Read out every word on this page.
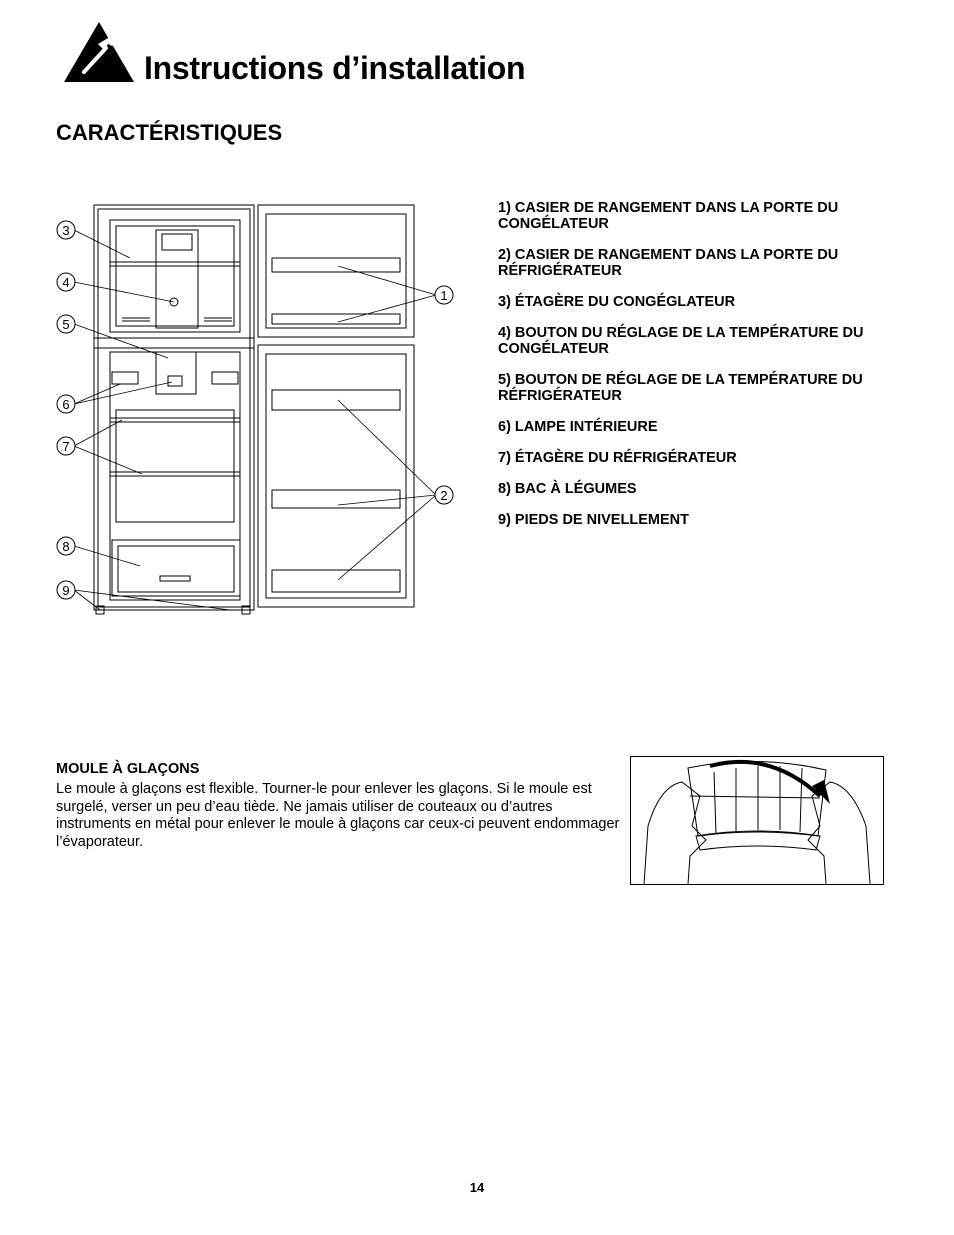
Instructions d’installation
CARACTÉRISTIQUES
3
4
5
6
7
8
9
1
2
1) CASIER DE RANGEMENT DANS LA PORTE DU CONGÉLATEUR
2) CASIER DE RANGEMENT DANS LA PORTE DU RÉFRIGÉRATEUR
3) ÉTAGÈRE DU CONGÉGLATEUR
4) BOUTON DU RÉGLAGE DE LA TEMPÉRATURE DU CONGÉLATEUR
5) BOUTON DE RÉGLAGE DE LA TEMPÉRATURE DU RÉFRIGÉRATEUR
6) LAMPE INTÉRIEURE
7) ÉTAGÈRE DU RÉFRIGÉRATEUR
8) BAC À LÉGUMES
9) PIEDS DE NIVELLEMENT
MOULE À GLAÇONS

Le moule à glaçons est flexible. Tourner-le pour enlever les glaçons. Si le moule est surgelé, verser un peu d’eau tiède. Ne jamais utiliser de couteaux ou d’autres instruments en métal pour enlever le moule à glaçons car ceux-ci peuvent endommager l’évaporateur.

14
